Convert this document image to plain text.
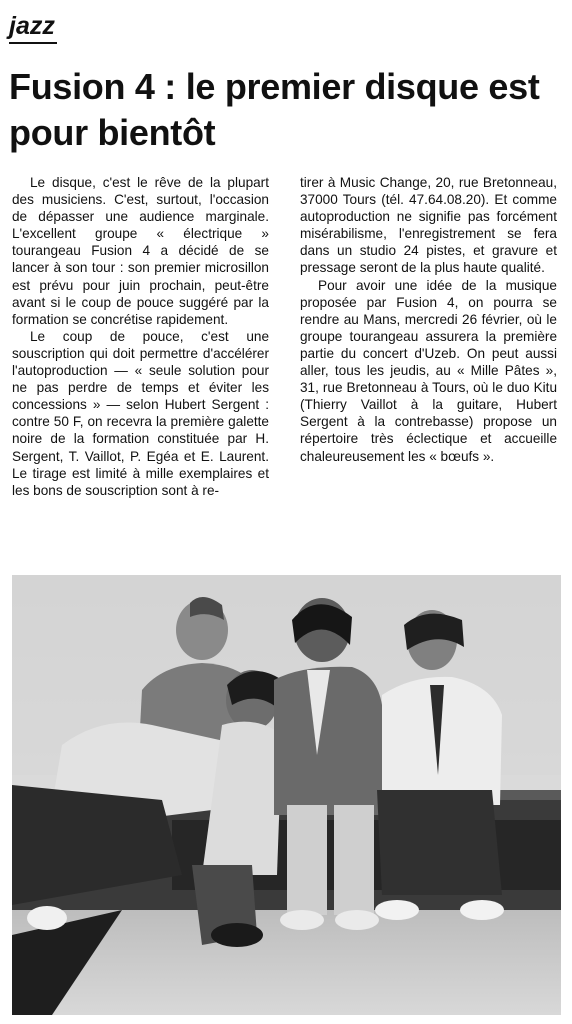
jazz
Fusion 4 : le premier disque est pour bientôt

Le disque, c'est le rêve de la plupart des musiciens. C'est, surtout, l'occasion de dépasser une audience marginale. L'excellent groupe « électrique » tourangeau Fusion 4 a décidé de se lancer à son tour : son premier microsillon est prévu pour juin prochain, peut-être avant si le coup de pouce suggéré par la formation se concrétise rapidement.

Le coup de pouce, c'est une souscription qui doit permettre d'accélérer l'autoproduction — « seule solution pour ne pas perdre de temps et éviter les concessions » — selon Hubert Sergent : contre 50 F, on recevra la première galette noire de la formation constituée par H. Sergent, T. Vaillot, P. Egéa et E. Laurent. Le tirage est limité à mille exemplaires et les bons de souscription sont à re-

tirer à Music Change, 20, rue Bretonneau, 37000 Tours (tél. 47.64.08.20). Et comme autoproduction ne signifie pas forcément misérabilisme, l'enregistrement se fera dans un studio 24 pistes, et gravure et pressage seront de la plus haute qualité.

Pour avoir une idée de la musique proposée par Fusion 4, on pourra se rendre au Mans, mercredi 26 février, où le groupe tourangeau assurera la première partie du concert d'Uzeb. On peut aussi aller, tous les jeudis, au « Mille Pâtes », 31, rue Bretonneau à Tours, où le duo Kitu (Thierry Vaillot à la guitare, Hubert Sergent à la contrebasse) propose un répertoire très éclectique et accueille chaleureusement les « bœufs ».
